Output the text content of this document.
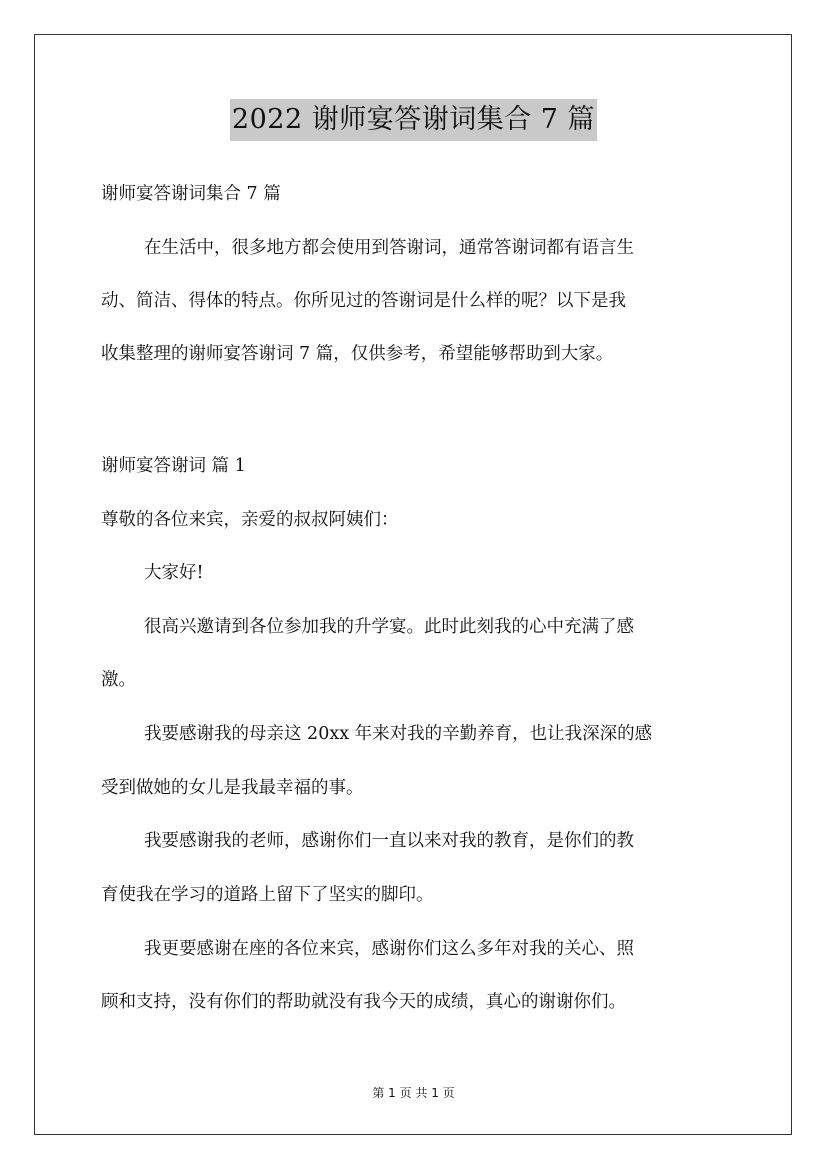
2022 谢师宴答谢词集合 7 篇
谢师宴答谢词集合 7 篇
在生活中，很多地方都会使用到答谢词，通常答谢词都有语言生
动、简洁、得体的特点。你所见过的答谢词是什么样的呢？以下是我
收集整理的谢师宴答谢词 7 篇，仅供参考，希望能够帮助到大家。
谢师宴答谢词 篇 1
尊敬的各位来宾，亲爱的叔叔阿姨们：
大家好!
很高兴邀请到各位参加我的升学宴。此时此刻我的心中充满了感
激。
我要感谢我的母亲这 20xx 年来对我的辛勤养育，也让我深深的感
受到做她的女儿是我最幸福的事。
我要感谢我的老师，感谢你们一直以来对我的教育，是你们的教
育使我在学习的道路上留下了坚实的脚印。
我更要感谢在座的各位来宾，感谢你们这么多年对我的关心、照
顾和支持，没有你们的帮助就没有我今天的成绩，真心的谢谢你们。
第 1 页 共 1 页
